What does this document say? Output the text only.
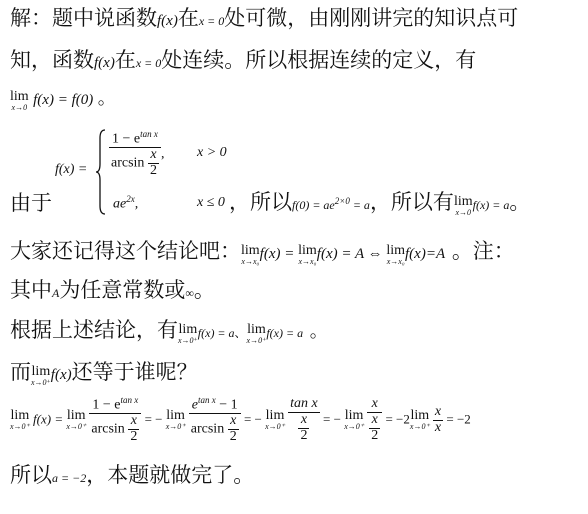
解：题中说函数f(x)在x = 0处可微，由刚刚讲完的知识点可
知，函数f(x)在x = 0处连续。所以根据连续的定义，有
lim
x→0 f(x) = f(0) 。
$f(x) = \frac{1 - e^{tan x}}{\arcsin \frac{x}{2}}$ ,
$ae^{2x}$,
x > 0
由于	x ≤ 0 ，所以$f(0) = ae^{2\times 0} = a$，所以有 lim
x→0
f(x) = a。
大家还记得这个结论吧： lim
x→x₀ f(x) = lim
x→x₀ f(x) = A ⇔ lim
x→x₀ f(x)=A 。注：
其中A为任意常数或∞。
根据上述结论，有 lim
x→0⁺
f(x) = a、 lim
x→0⁺
f(x) = a 。
而 lim
x→0⁺ f(x)还等于谁呢？
lim
x→0⁺
f(x) = lim
x→0⁺
$\frac{1 - e^{tan x}}{\arcsin \frac{x}{2}}$ = − lim
x→0⁺
$\frac{e^{tan x} - 1}{\arcsin \frac{x}{2}}$ = − lim
x→0⁺
$\frac{\text{tan x}}{\frac{x}{2}}$ = − lim
x→0⁺
$\frac{x}{\frac{x}{2}} = -2$ lim
x→0⁺
$\frac{x}{x} = -2$
所以a = −2，本题就做完了。
